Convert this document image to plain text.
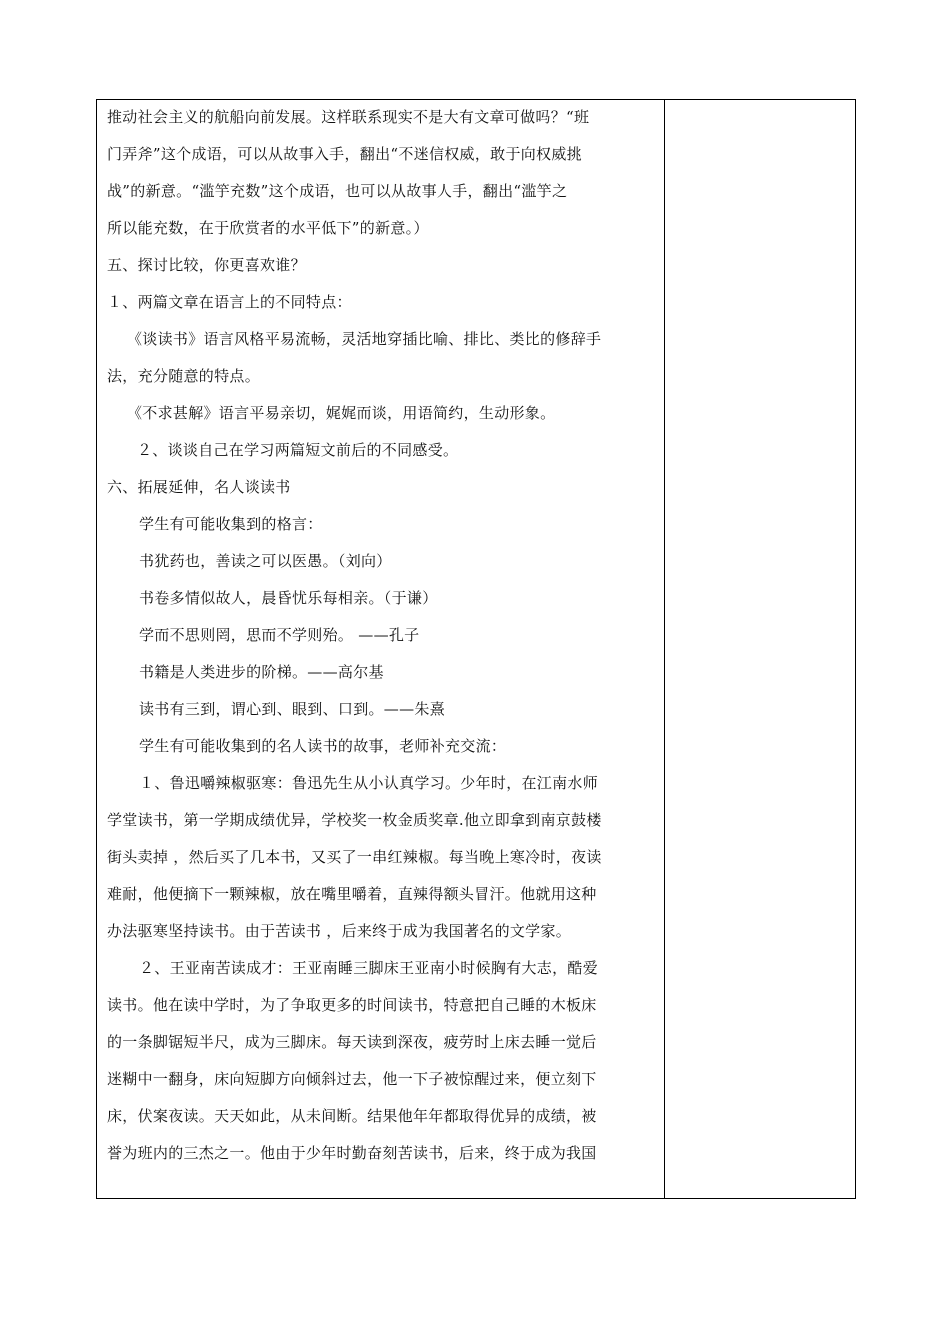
推动社会主义的航船向前发展。这样联系现实不是大有文章可做吗？“班
门弄斧”这个成语，可以从故事入手，翻出“不迷信权威，敢于向权威挑
战”的新意。“滥竽充数”这个成语，也可以从故事人手，翻出“滥竽之
所以能充数，在于欣赏者的水平低下”的新意。）
五、探讨比较，你更喜欢谁？
１、两篇文章在语言上的不同特点：
《谈读书》语言风格平易流畅，灵活地穿插比喻、排比、类比的修辞手
法，充分随意的特点。
《不求甚解》语言平易亲切，娓娓而谈，用语简约，生动形象。
２、谈谈自己在学习两篇短文前后的不同感受。
六、拓展延伸，名人谈读书
学生有可能收集到的格言：
书犹药也，善读之可以医愚。（刘向）
书卷多情似故人，晨昏忧乐每相亲。（于谦）
学而不思则罔，思而不学则殆。 ——孔子
书籍是人类进步的阶梯。——高尔基
读书有三到，谓心到、眼到、口到。——朱熹
学生有可能收集到的名人读书的故事，老师补充交流：
１、鲁迅嚼辣椒驱寒：鲁迅先生从小认真学习。少年时，在江南水师
学堂读书，第一学期成绩优异，学校奖一枚金质奖章.他立即拿到南京鼓楼
街头卖掉 ，然后买了几本书，又买了一串红辣椒。每当晚上寒冷时，夜读
难耐，他便摘下一颗辣椒，放在嘴里嚼着，直辣得额头冒汗。他就用这种
办法驱寒坚持读书。由于苦读书 ，后来终于成为我国著名的文学家。
２、王亚南苦读成才：王亚南睡三脚床王亚南小时候胸有大志，酷爱
读书。他在读中学时，为了争取更多的时间读书，特意把自己睡的木板床
的一条脚锯短半尺，成为三脚床。每天读到深夜，疲劳时上床去睡一觉后
迷糊中一翻身，床向短脚方向倾斜过去，他一下子被惊醒过来，便立刻下
床，伏案夜读。天天如此，从未间断。结果他年年都取得优异的成绩，被
誉为班内的三杰之一。他由于少年时勤奋刻苦读书，后来，终于成为我国
